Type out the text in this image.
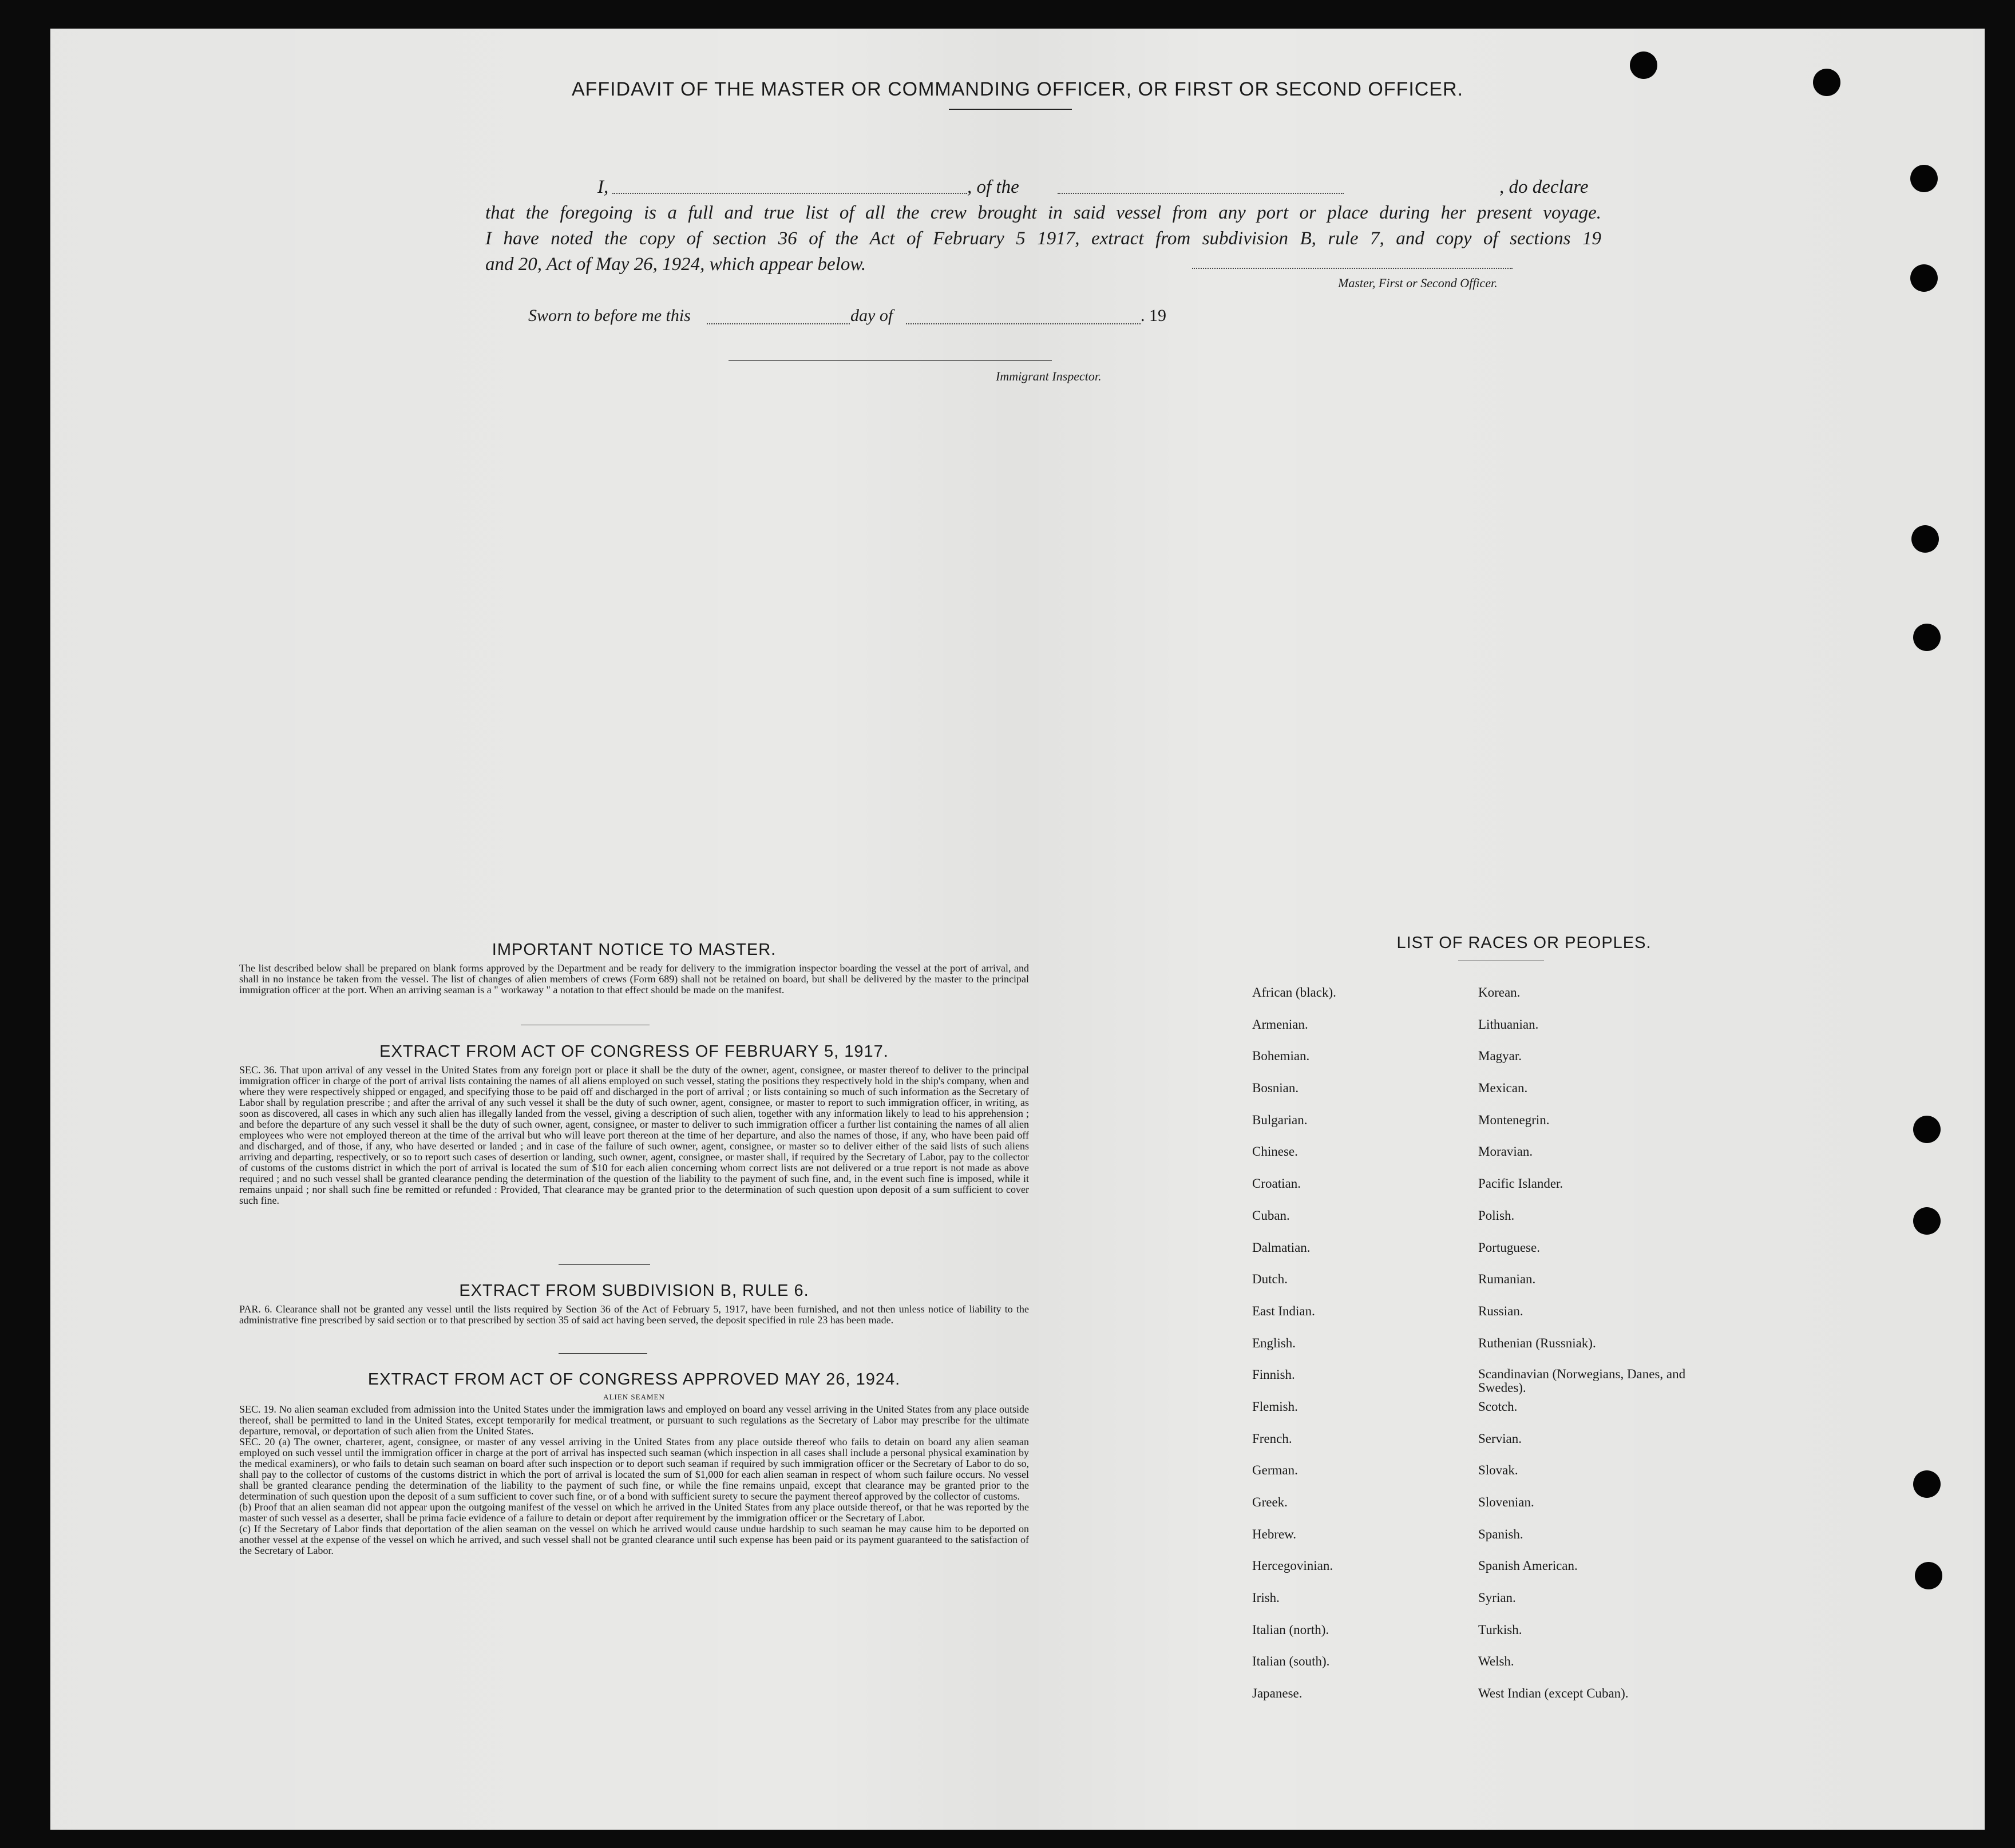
AFFIDAVIT OF THE MASTER OR COMMANDING OFFICER, OR FIRST OR SECOND OFFICER.
I,	, of the	, do declare
that the foregoing is a full and true list of all the crew brought in said vessel from any port or place during her present voyage.
I have noted the copy of section 36 of the Act of February 5 1917, extract from subdivision B, rule 7, and copy of sections 19
and 20, Act of May 26, 1924, which appear below.
Master, First or Second Officer.
Sworn to before me this	day of	. 19
Immigrant Inspector.
IMPORTANT NOTICE TO MASTER.
The list described below shall be prepared on blank forms approved by the Department and be ready for delivery to the immigration inspector boarding the vessel at the port of arrival, and shall in no instance be taken from the vessel. The list of changes of alien members of crews (Form 689) shall not be retained on board, but shall be delivered by the master to the principal immigration officer at the port. When an arriving seaman is a " workaway " a notation to that effect should be made on the manifest.
EXTRACT FROM ACT OF CONGRESS OF FEBRUARY 5, 1917.
SEC. 36. That upon arrival of any vessel in the United States from any foreign port or place it shall be the duty of the owner, agent, consignee, or master thereof to deliver to the principal immigration officer in charge of the port of arrival lists containing the names of all aliens employed on such vessel, stating the positions they respectively hold in the ship's company, when and where they were respectively shipped or engaged, and specifying those to be paid off and discharged in the port of arrival ; or lists containing so much of such information as the Secretary of Labor shall by regulation prescribe ; and after the arrival of any such vessel it shall be the duty of such owner, agent, consignee, or master to report to such immigration officer, in writing, as soon as discovered, all cases in which any such alien has illegally landed from the vessel, giving a description of such alien, together with any information likely to lead to his apprehension ; and before the departure of any such vessel it shall be the duty of such owner, agent, consignee, or master to deliver to such immigration officer a further list containing the names of all alien employees who were not employed thereon at the time of the arrival but who will leave port thereon at the time of her departure, and also the names of those, if any, who have been paid off and discharged, and of those, if any, who have deserted or landed ; and in case of the failure of such owner, agent, consignee, or master so to deliver either of the said lists of such aliens arriving and departing, respectively, or so to report such cases of desertion or landing, such owner, agent, consignee, or master shall, if required by the Secretary of Labor, pay to the collector of customs of the customs district in which the port of arrival is located the sum of $10 for each alien concerning whom correct lists are not delivered or a true report is not made as above required ; and no such vessel shall be granted clearance pending the determination of the question of the liability to the payment of such fine, and, in the event such fine is imposed, while it remains unpaid ; nor shall such fine be remitted or refunded : Provided, That clearance may be granted prior to the determination of such question upon deposit of a sum sufficient to cover such fine.
EXTRACT FROM SUBDIVISION B, RULE 6.
PAR. 6. Clearance shall not be granted any vessel until the lists required by Section 36 of the Act of February 5, 1917, have been furnished, and not then unless notice of liability to the administrative fine prescribed by said section or to that prescribed by section 35 of said act having been served, the deposit specified in rule 23 has been made.
EXTRACT FROM ACT OF CONGRESS APPROVED MAY 26, 1924.
ALIEN SEAMEN
SEC. 19. No alien seaman excluded from admission into the United States under the immigration laws and employed on board any vessel arriving in the United States from any place outside thereof, shall be permitted to land in the United States, except temporarily for medical treatment, or pursuant to such regulations as the Secretary of Labor may prescribe for the ultimate departure, removal, or deportation of such alien from the United States.
SEC. 20 (a) The owner, charterer, agent, consignee, or master of any vessel arriving in the United States from any place outside thereof who fails to detain on board any alien seaman employed on such vessel until the immigration officer in charge at the port of arrival has inspected such seaman (which inspection in all cases shall include a personal physical examination by the medical examiners), or who fails to detain such seaman on board after such inspection or to deport such seaman if required by such immigration officer or the Secretary of Labor to do so, shall pay to the collector of customs of the customs district in which the port of arrival is located the sum of $1,000 for each alien seaman in respect of whom such failure occurs. No vessel shall be granted clearance pending the determination of the liability to the payment of such fine, or while the fine remains unpaid, except that clearance may be granted prior to the determination of such question upon the deposit of a sum sufficient to cover such fine, or of a bond with sufficient surety to secure the payment thereof approved by the collector of customs.
(b) Proof that an alien seaman did not appear upon the outgoing manifest of the vessel on which he arrived in the United States from any place outside thereof, or that he was reported by the master of such vessel as a deserter, shall be prima facie evidence of a failure to detain or deport after requirement by the immigration officer or the Secretary of Labor.
(c) If the Secretary of Labor finds that deportation of the alien seaman on the vessel on which he arrived would cause undue hardship to such seaman he may cause him to be deported on another vessel at the expense of the vessel on which he arrived, and such vessel shall not be granted clearance until such expense has been paid or its payment guaranteed to the satisfaction of the Secretary of Labor.
LIST OF RACES OR PEOPLES.
African (black).
Armenian.
Bohemian.
Bosnian.
Bulgarian.
Chinese.
Croatian.
Cuban.
Dalmatian.
Dutch.
East Indian.
English.
Finnish.
Flemish.
French.
German.
Greek.
Hebrew.
Hercegovinian.
Irish.
Italian (north).
Italian (south).
Japanese.
Korean.
Lithuanian.
Magyar.
Mexican.
Montenegrin.
Moravian.
Pacific Islander.
Polish.
Portuguese.
Rumanian.
Russian.
Ruthenian (Russniak).
Scandinavian (Norwegians, Danes, and Swedes).
Scotch.
Servian.
Slovak.
Slovenian.
Spanish.
Spanish American.
Syrian.
Turkish.
Welsh.
West Indian (except Cuban).
